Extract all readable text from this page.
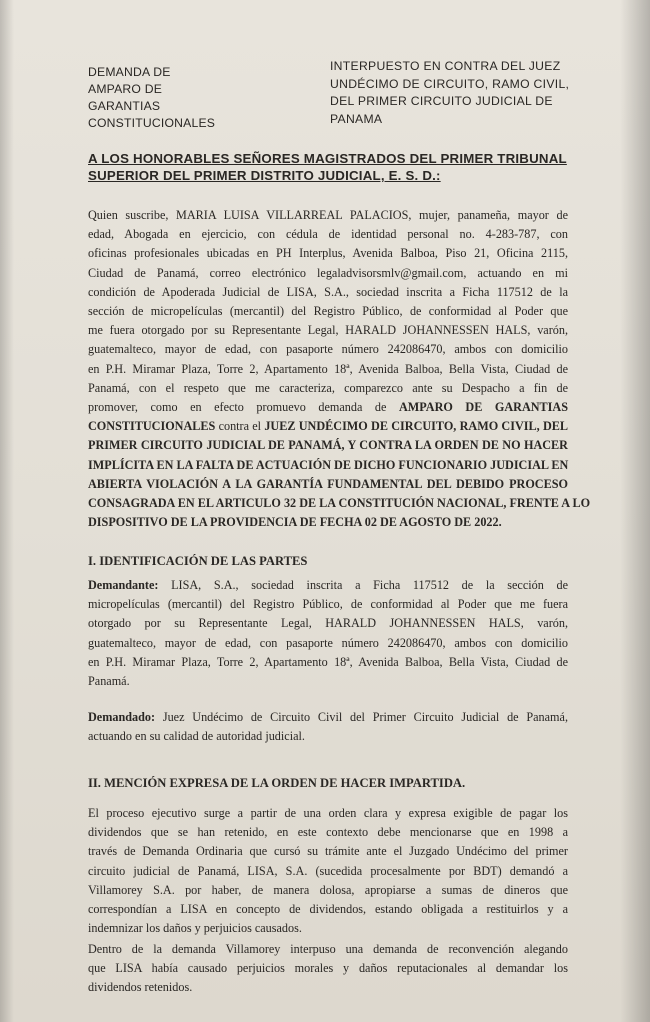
DEMANDA DE
AMPARO DE
GARANTIAS
CONSTITUCIONALES
INTERPUESTO EN CONTRA DEL JUEZ
UNDÉCIMO DE CIRCUITO, RAMO CIVIL,
DEL PRIMER CIRCUITO JUDICIAL DE
PANAMA
A LOS HONORABLES SEÑORES MAGISTRADOS DEL PRIMER TRIBUNAL
SUPERIOR DEL PRIMER DISTRITO JUDICIAL, E. S. D.:
Quien suscribe, MARIA LUISA VILLARREAL PALACIOS, mujer, panameña, mayor de
edad, Abogada en ejercicio, con cédula de identidad personal no. 4-283-787, con
oficinas profesionales ubicadas en PH Interplus, Avenida Balboa, Piso 21, Oficina 2115,
Ciudad de Panamá, correo electrónico legaladvisorsmlv@gmail.com, actuando en mi
condición de Apoderada Judicial de LISA, S.A., sociedad inscrita a Ficha 117512 de la
sección de micropelículas (mercantil) del Registro Público, de conformidad al Poder que
me fuera otorgado por su Representante Legal, HARALD JOHANNESSEN HALS, varón,
guatemalteco, mayor de edad, con pasaporte número 242086470, ambos con domicilio
en P.H. Miramar Plaza, Torre 2, Apartamento 18ª, Avenida Balboa, Bella Vista, Ciudad de
Panamá, con el respeto que me caracteriza, comparezco ante su Despacho a fin de
promover, como en efecto promuevo demanda de AMPARO DE GARANTIAS
CONSTITUCIONALES contra el JUEZ UNDÉCIMO DE CIRCUITO, RAMO CIVIL, DEL
PRIMER CIRCUITO JUDICIAL DE PANAMÁ, Y CONTRA LA ORDEN DE NO HACER
IMPLÍCITA EN LA FALTA DE ACTUACIÓN DE DICHO FUNCIONARIO JUDICIAL EN
ABIERTA VIOLACIÓN A LA GARANTÍA FUNDAMENTAL DEL DEBIDO PROCESO
CONSAGRADA EN EL ARTICULO 32 DE LA CONSTITUCIÓN NACIONAL, FRENTE A LO
DISPOSITIVO DE LA PROVIDENCIA DE FECHA 02 DE AGOSTO DE 2022.
I. IDENTIFICACIÓN DE LAS PARTES
Demandante: LISA, S.A., sociedad inscrita a Ficha 117512 de la sección de
micropelículas (mercantil) del Registro Público, de conformidad al Poder que me fuera
otorgado por su Representante Legal, HARALD JOHANNESSEN HALS, varón,
guatemalteco, mayor de edad, con pasaporte número 242086470, ambos con domicilio
en P.H. Miramar Plaza, Torre 2, Apartamento 18ª, Avenida Balboa, Bella Vista, Ciudad de
Panamá.
Demandado: Juez Undécimo de Circuito Civil del Primer Circuito Judicial de Panamá,
actuando en su calidad de autoridad judicial.
II. MENCIÓN EXPRESA DE LA ORDEN DE HACER IMPARTIDA.
El proceso ejecutivo surge a partir de una orden clara y expresa exigible de pagar los
dividendos que se han retenido, en este contexto debe mencionarse que en 1998 a
través de Demanda Ordinaria que cursó su trámite ante el Juzgado Undécimo del primer
circuito judicial de Panamá, LISA, S.A. (sucedida procesalmente por BDT) demandó a
Villamorey S.A. por haber, de manera dolosa, apropiarse a sumas de dineros que
correspondían a LISA en concepto de dividendos, estando obligada a restituirlos y a
indemnizar los daños y perjuicios causados.
Dentro de la demanda Villamorey interpuso una demanda de reconvención alegando
que LISA había causado perjuicios morales y daños reputacionales al demandar los
dividendos retenidos.
